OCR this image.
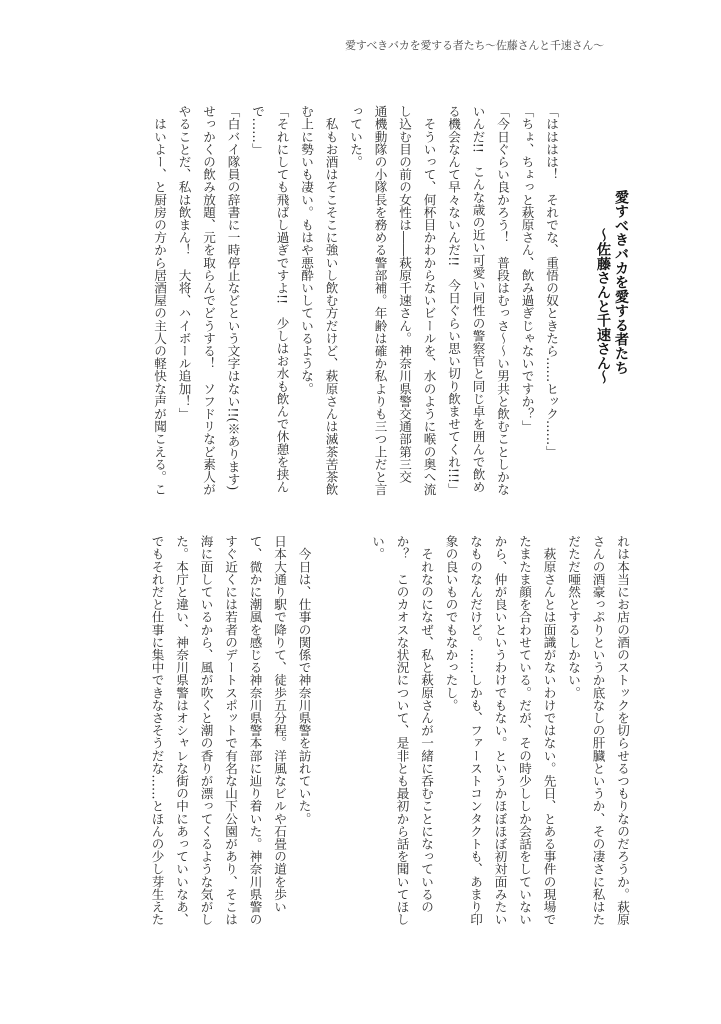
愛すべきバカを愛する者たち〜佐藤さんと千速さん〜
愛すべきバカを愛する者たち
〜佐藤さんと千速さん〜
「はははは！　それでな、重悟の奴ときたら……ヒック……」
「ちょ、ちょっと萩原さん、飲み過ぎじゃないですか？」
「今日ぐらい良かろう！　普段はむっさ〜〜い男共と飲むことしかな
いんだ!!　こんな歳の近い可愛い同性の警察官と同じ卓を囲んで飲め
る機会なんて早々ないんだ!!　今日ぐらい思い切り飲ませてくれ!!!」
　そういって、何杯目かわからないビールを、水のように喉の奥へ流
し込む目の前の女性は――萩原千速さん。神奈川県警交通部第三交
通機動隊の小隊長を務める警部補。年齢は確か私よりも三つ上だと言
っていた。
　私もお酒はそこそこに強いし飲む方だけど、萩原さんは滅茶苦茶飲
む上に勢いも凄い。もはや悪酔いしているような。
「それにしても飛ばし過ぎですよ!!　少しはお水も飲んで休憩を挟ん
で……」
「白バイ隊員の辞書に一時停止などという文字はない!!(※あります)
せっかくの飲み放題、元を取らんでどうする！　ソフドリなど素人が
やることだ、私は飲まん！　大将、ハイボール追加！」
　はいよー、と厨房の方から居酒屋の主人の軽快な声が聞こえる。こ
れは本当にお店の酒のストックを切らせるつもりなのだろうか。萩原
さんの酒豪っぷりというか底なしの肝臓というか、その凄さに私はた
だただ唖然とするしかない。
　萩原さんとは面識がないわけではない。先日、とある事件の現場で
たまたま顔を合わせている。だが、その時少ししか会話をしていない
から、仲が良いというわけでもない。というかほぼほぼ初対面みたい
なものなんだけど。……しかも、ファーストコンタクトも、あまり印
象の良いものでもなかったし。
　それなのになぜ、私と萩原さんが一緒に呑むことになっているの
か？　このカオスな状況について、是非とも最初から話を聞いてほし
い。
　今日は、仕事の関係で神奈川県警を訪れていた。
日本大通り駅で降りて、徒歩五分程。洋風なビルや石畳の道を歩い
て、微かに潮風を感じる神奈川県警本部に辿り着いた。神奈川県警の
すぐ近くには若者のデートスポットで有名な山下公園があり、そこは
海に面しているから、風が吹くと潮の香りが漂ってくるような気がし
た。本庁と違い、神奈川県警はオシャレな街の中にあっていいなあ、
でもそれだと仕事に集中できなさそうだな……とほんの少し芽生えた
